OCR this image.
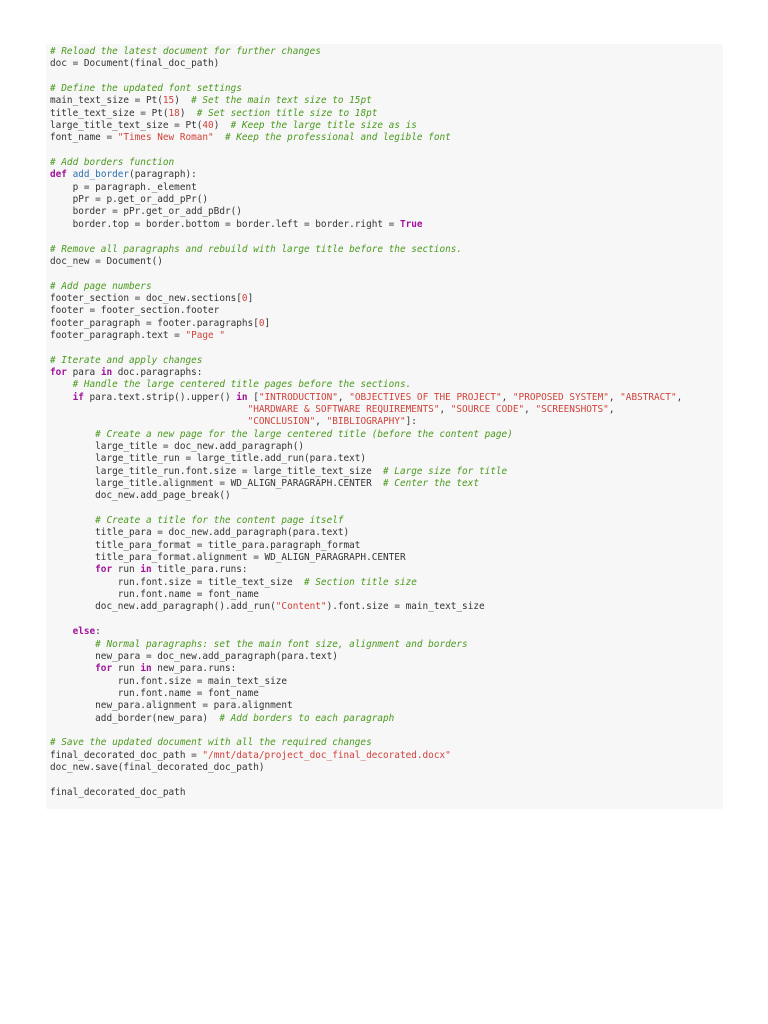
# Reload the latest document for further changes
doc = Document(final_doc_path)
# Define the updated font settings
main_text_size = Pt(15)  # Set the main text size to 15pt
title_text_size = Pt(18)  # Set section title size to 18pt
large_title_text_size = Pt(40)  # Keep the large title size as is
font_name = "Times New Roman" # Keep the professional and legible font
# Add borders function
def add_border(paragraph):
p = paragraph._element
pPr = p.get_or_add_pPr()
border = pPr.get_or_add_pBdr()
border.top = border.bottom = border.left = border.right = True
# Remove all paragraphs and rebuild with large title before the sections.
doc_new = Document()
# Add page numbers
footer_section = doc_new.sections[0]
footer = footer_section.footer
footer_paragraph = footer.paragraphs[0]
footer_paragraph.text = "Page "
# Iterate and apply changes
for para in doc.paragraphs:
# Handle the large centered title pages before the sections.
if para.text.strip().upper() in ["INTRODUCTION", "OBJECTIVES OF THE PROJECT", "PROPOSED SYSTEM", "ABSTRACT",
"HARDWARE & SOFTWARE REQUIREMENTS", "SOURCE CODE", "SCREENSHOTS",
"CONCLUSION", "BIBLIOGRAPHY"]:
# Create a new page for the large centered title (before the content page)
large_title = doc_new.add_paragraph()
large_title_run = large_title.add_run(para.text)
large_title_run.font.size = large_title_text_size  # Large size for title
large_title.alignment = WD_ALIGN_PARAGRAPH.CENTER  # Center the text
doc_new.add_page_break()
# Create a title for the content page itself
title_para = doc_new.add_paragraph(para.text)
title_para_format = title_para.paragraph_format
title_para_format.alignment = WD_ALIGN_PARAGRAPH.CENTER
for run in title_para.runs:
run.font.size = title_text_size  # Section title size
run.font.name = font_name
doc_new.add_paragraph().add_run("Content").font.size = main_text_size
else:
# Normal paragraphs: set the main font size, alignment and borders
new_para = doc_new.add_paragraph(para.text)
for run in new_para.runs:
run.font.size = main_text_size
run.font.name = font_name
new_para.alignment = para.alignment
add_border(new_para)  # Add borders to each paragraph
# Save the updated document with all the required changes
final_decorated_doc_path = "/mnt/data/project_doc_final_decorated.docx"
doc_new.save(final_decorated_doc_path)
final_decorated_doc_path
